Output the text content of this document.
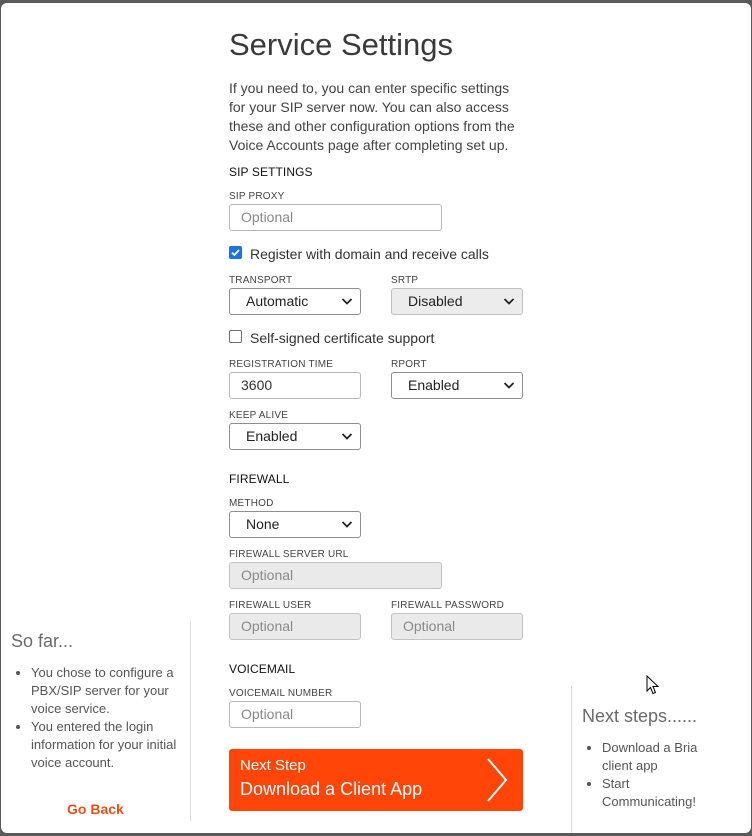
Service Settings

If you need to, you can enter specific settings for your SIP server now. You can also access these and other configuration options from the Voice Accounts page after completing set up.

SIP SETTINGS
SIP PROXY
Optional
Register with domain and receive calls
TRANSPORT
Automatic
SRTP
Disabled
Self-signed certificate support
REGISTRATION TIME
3600
RPORT
Enabled
KEEP ALIVE
Enabled
FIREWALL
METHOD
None
FIREWALL SERVER URL
Optional
FIREWALL USER
Optional
FIREWALL PASSWORD
Optional
VOICEMAIL
VOICEMAIL NUMBER
Optional
Next Step
Download a Client App
So far...
• You chose to configure a PBX/SIP server for your voice service.
• You entered the login information for your initial voice account.
Go Back
Next steps......
• Download a Bria client app
• Start Communicating!
